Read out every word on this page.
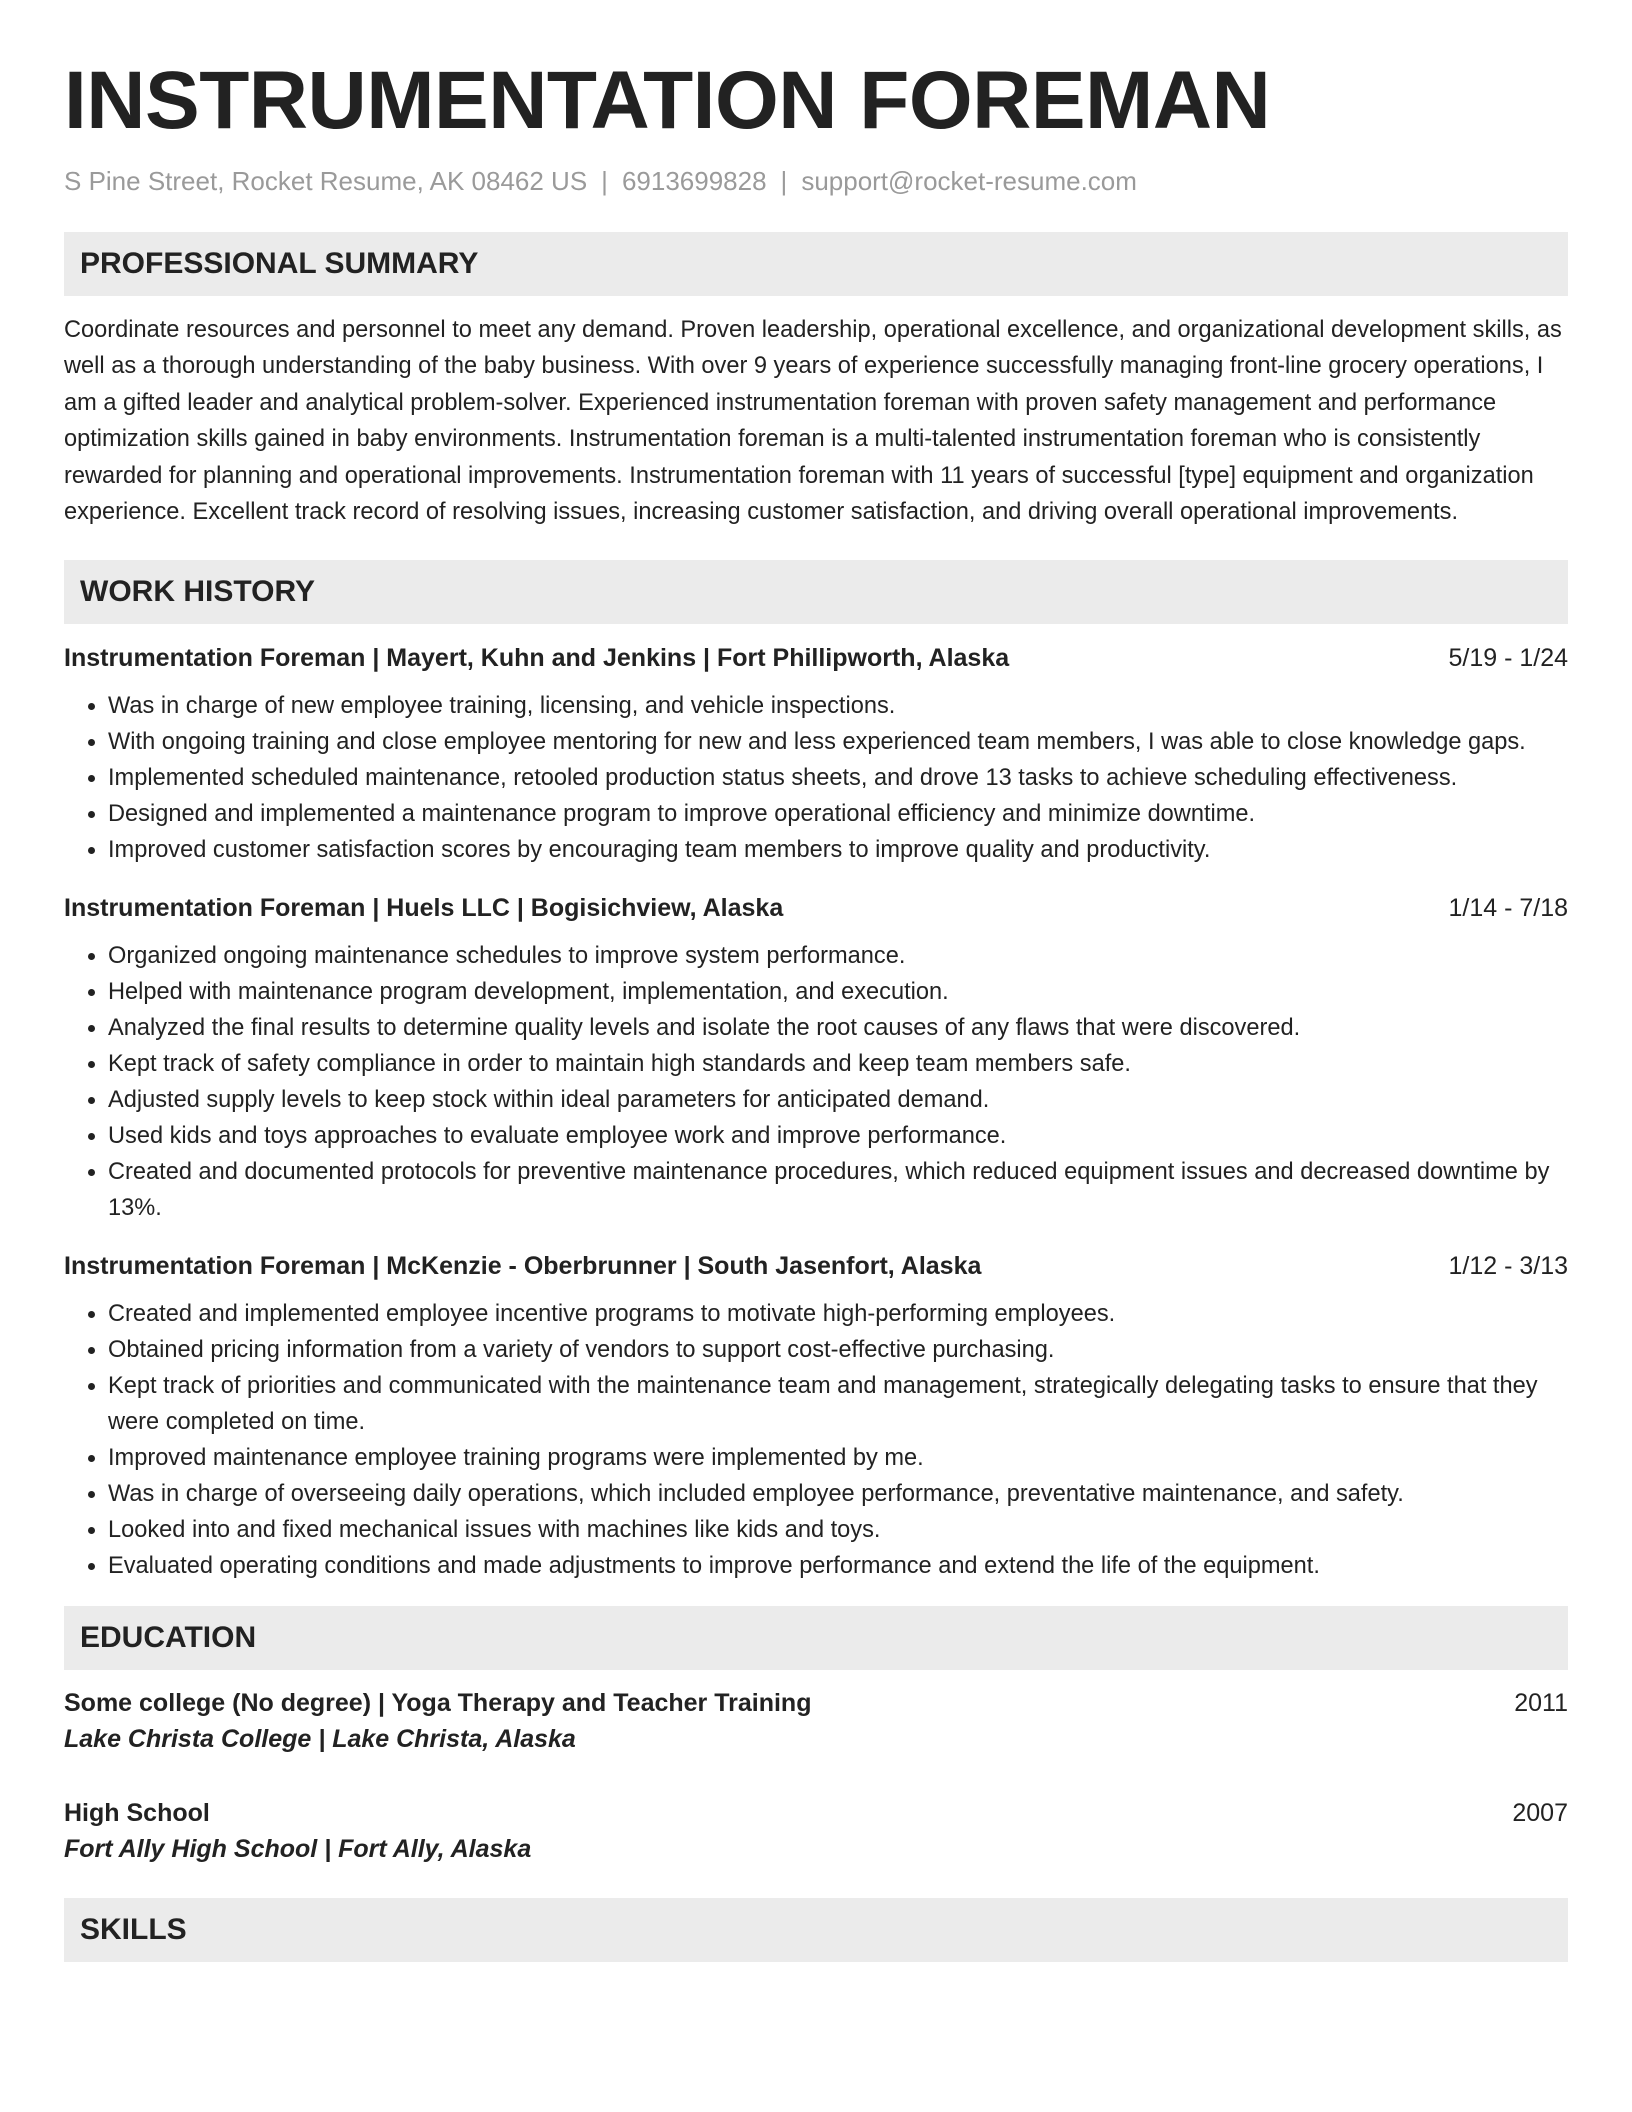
INSTRUMENTATION FOREMAN
S Pine Street, Rocket Resume, AK 08462 US | 6913699828 | support@rocket-resume.com
PROFESSIONAL SUMMARY
Coordinate resources and personnel to meet any demand. Proven leadership, operational excellence, and organizational development skills, as well as a thorough understanding of the baby business. With over 9 years of experience successfully managing front-line grocery operations, I am a gifted leader and analytical problem-solver. Experienced instrumentation foreman with proven safety management and performance optimization skills gained in baby environments. Instrumentation foreman is a multi-talented instrumentation foreman who is consistently rewarded for planning and operational improvements. Instrumentation foreman with 11 years of successful [type] equipment and organization experience. Excellent track record of resolving issues, increasing customer satisfaction, and driving overall operational improvements.
WORK HISTORY
Instrumentation Foreman | Mayert, Kuhn and Jenkins | Fort Phillipworth, Alaska	5/19 - 1/24
• Was in charge of new employee training, licensing, and vehicle inspections.
• With ongoing training and close employee mentoring for new and less experienced team members, I was able to close knowledge gaps.
• Implemented scheduled maintenance, retooled production status sheets, and drove 13 tasks to achieve scheduling effectiveness.
• Designed and implemented a maintenance program to improve operational efficiency and minimize downtime.
• Improved customer satisfaction scores by encouraging team members to improve quality and productivity.
Instrumentation Foreman | Huels LLC | Bogisichview, Alaska	1/14 - 7/18
• Organized ongoing maintenance schedules to improve system performance.
• Helped with maintenance program development, implementation, and execution.
• Analyzed the final results to determine quality levels and isolate the root causes of any flaws that were discovered.
• Kept track of safety compliance in order to maintain high standards and keep team members safe.
• Adjusted supply levels to keep stock within ideal parameters for anticipated demand.
• Used kids and toys approaches to evaluate employee work and improve performance.
• Created and documented protocols for preventive maintenance procedures, which reduced equipment issues and decreased downtime by 13%.
Instrumentation Foreman | McKenzie - Oberbrunner | South Jasenfort, Alaska	1/12 - 3/13
• Created and implemented employee incentive programs to motivate high-performing employees.
• Obtained pricing information from a variety of vendors to support cost-effective purchasing.
• Kept track of priorities and communicated with the maintenance team and management, strategically delegating tasks to ensure that they were completed on time.
• Improved maintenance employee training programs were implemented by me.
• Was in charge of overseeing daily operations, which included employee performance, preventative maintenance, and safety.
• Looked into and fixed mechanical issues with machines like kids and toys.
• Evaluated operating conditions and made adjustments to improve performance and extend the life of the equipment.
EDUCATION
Some college (No degree) | Yoga Therapy and Teacher Training	2011
Lake Christa College | Lake Christa, Alaska
High School	2007
Fort Ally High School | Fort Ally, Alaska
SKILLS
